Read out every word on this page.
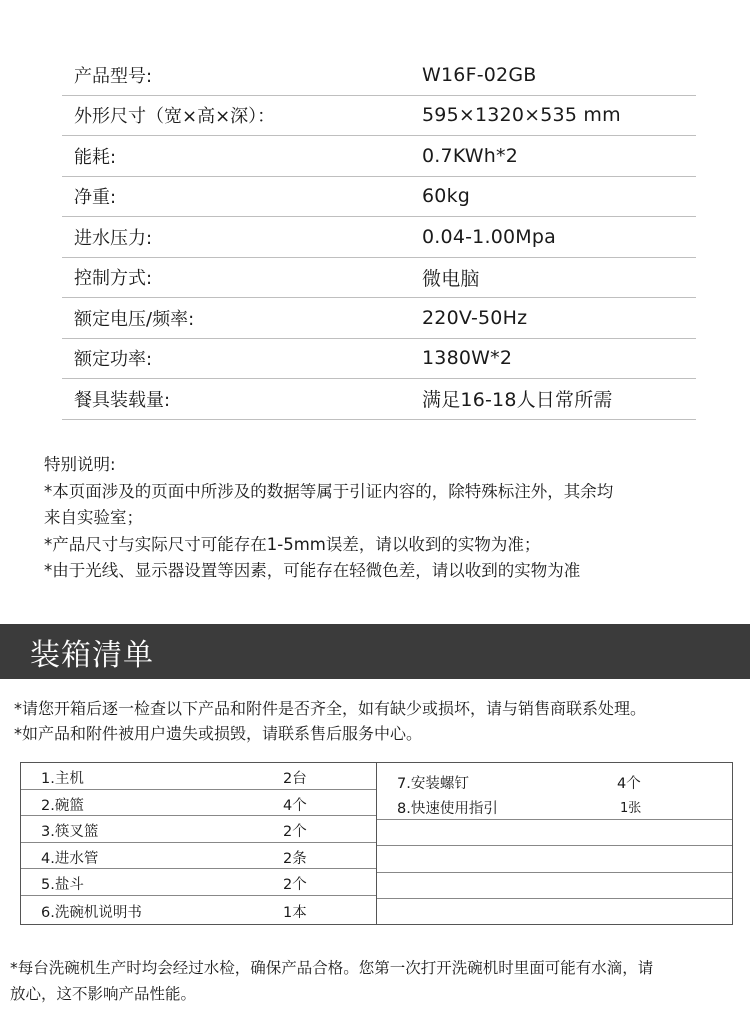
产品型号:	W16F-02GB
外形尺寸（宽×高×深）：	595×1320×535 mm
能耗:	0.7KWh*2
净重:	60kg
进水压力:	0.04-1.00Mpa
控制方式:	微电脑
额定电压/频率:	220V-50Hz
额定功率:	1380W*2
餐具装载量:	满足16-18人日常所需
特别说明:
*本页面涉及的页面中所涉及的数据等属于引证内容的，除特殊标注外，其余均
来自实验室；
*产品尺寸与实际尺寸可能存在1-5mm误差，请以收到的实物为准；
*由于光线、显示器设置等因素，可能存在轻微色差，请以收到的实物为准
装箱清单
*请您开箱后逐一检查以下产品和附件是否齐全，如有缺少或损坏，请与销售商联系处理。
*如产品和附件被用户遗失或损毁，请联系售后服务中心。
1.主机	2台
2.碗篮	4个
3.筷叉篮	2个
4.进水管	2条
5.盐斗	2个
6.洗碗机说明书	1本
7.安装螺钉	4个
8.快速使用指引	1张
*每台洗碗机生产时均会经过水检，确保产品合格。您第一次打开洗碗机时里面可能有水滴，请
放心，这不影响产品性能。
